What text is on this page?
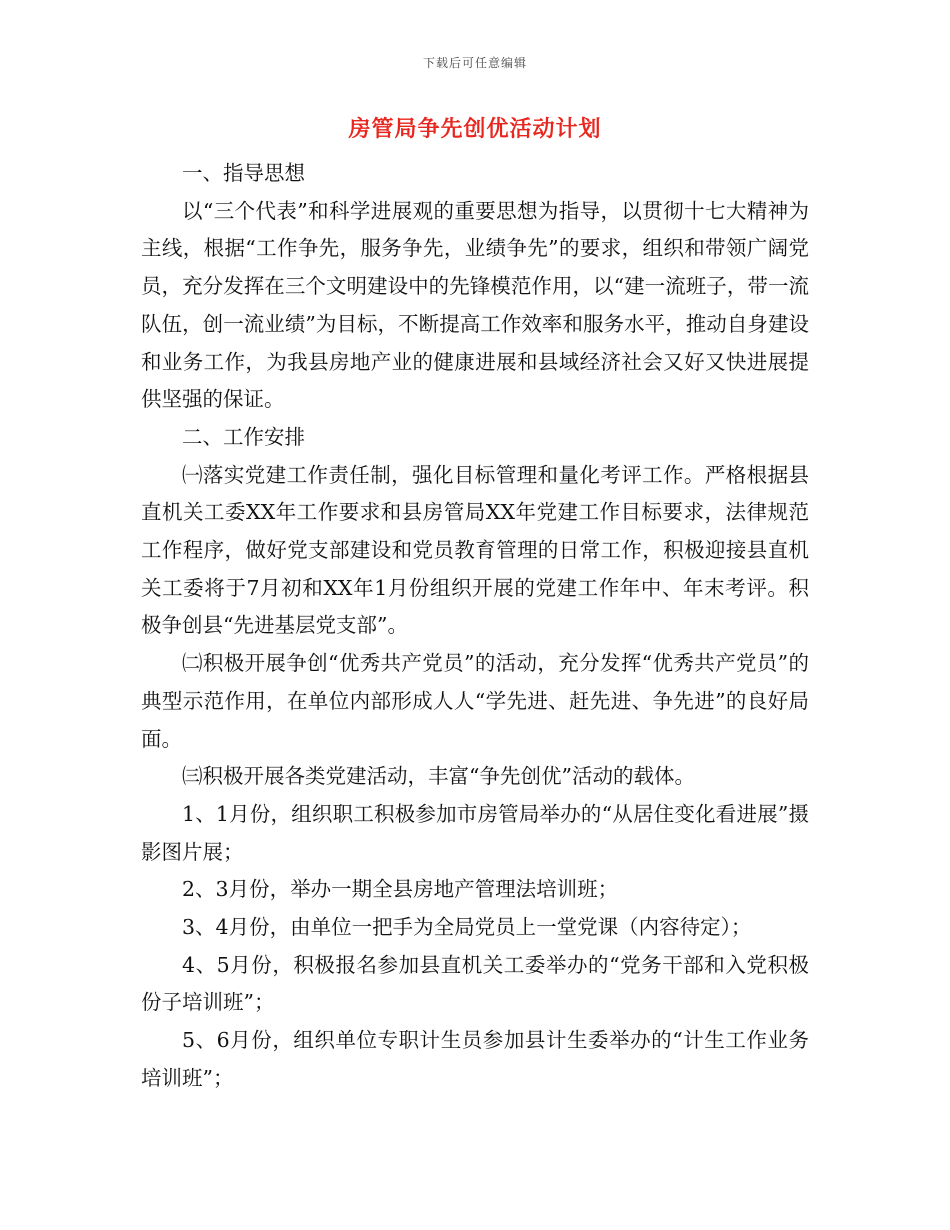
下载后可任意编辑
房管局争先创优活动计划

一、指导思想

以“三个代表”和科学进展观的重要思想为指导，以贯彻十七大精神为主线，根据“工作争先，服务争先，业绩争先”的要求，组织和带领广阔党员，充分发挥在三个文明建设中的先锋模范作用，以“建一流班子，带一流队伍，创一流业绩”为目标，不断提高工作效率和服务水平，推动自身建设和业务工作，为我县房地产业的健康进展和县域经济社会又好又快进展提供坚强的保证。

二、工作安排

㈠落实党建工作责任制，强化目标管理和量化考评工作。严格根据县直机关工委XX年工作要求和县房管局XX年党建工作目标要求，法律规范工作程序，做好党支部建设和党员教育管理的日常工作，积极迎接县直机关工委将于7月初和XX年1月份组织开展的党建工作年中、年末考评。积极争创县“先进基层党支部”。

㈡积极开展争创“优秀共产党员”的活动，充分发挥“优秀共产党员”的典型示范作用，在单位内部形成人人“学先进、赶先进、争先进”的良好局面。

㈢积极开展各类党建活动，丰富“争先创优”活动的载体。

1、1月份，组织职工积极参加市房管局举办的“从居住变化看进展”摄影图片展；

2、3月份，举办一期全县房地产管理法培训班；

3、4月份，由单位一把手为全局党员上一堂党课（内容待定）；

4、5月份，积极报名参加县直机关工委举办的“党务干部和入党积极份子培训班”；

5、6月份，组织单位专职计生员参加县计生委举办的“计生工作业务培训班”；
